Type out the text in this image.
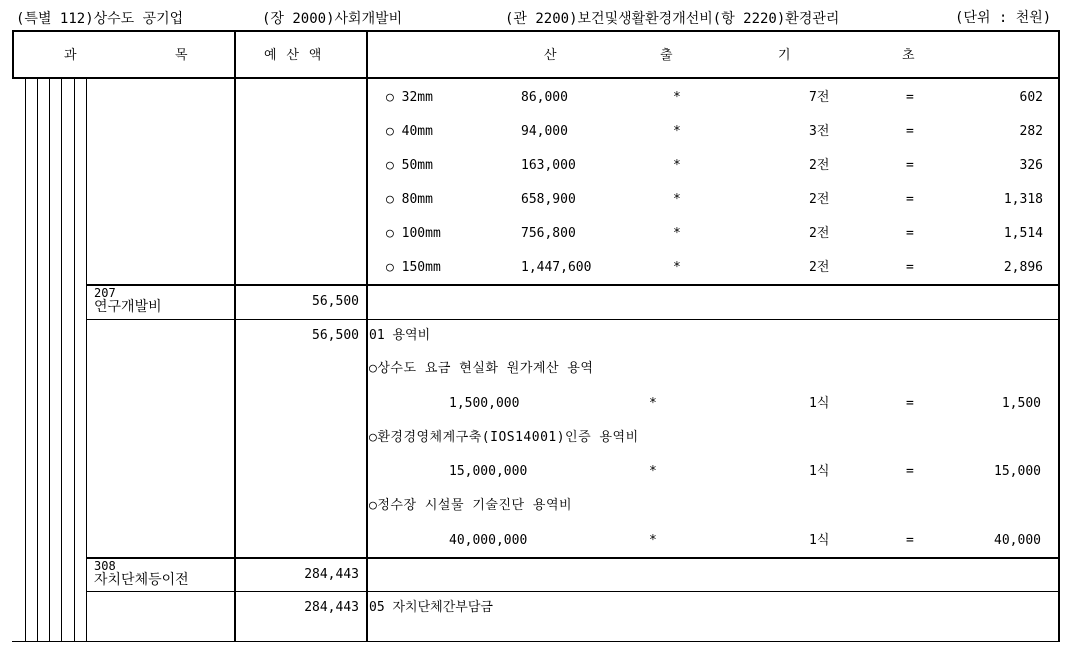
(특별 112)상수도 공기업	(장 2000)사회개발비	(관 2200)보건및생활환경개선비(항 2220)환경관리	(단위 : 천원)
과	목	예 산 액	산	출	기	초
○ 32mm	86,000	*	7전	=	602
○ 40mm	94,000	*	3전	=	282
○ 50mm	163,000	*	2전	=	326
○ 80mm	658,900	*	2전	=	1,318
○ 100mm	756,800	*	2전	=	1,514
○ 150mm	1,447,600	*	2전	=	2,896
207
연구개발비	56,500
56,500 01 용역비
○상수도 요금 현실화 원가계산 용역
1,500,000	*	1식	=	1,500
○환경경영체계구축(IOS14001)인증 용역비
15,000,000	*	1식	=	15,000
○정수장 시설물 기술진단 용역비
40,000,000	*	1식	=	40,000
308
자치단체등이전	284,443
284,443 05 자치단체간부담금
